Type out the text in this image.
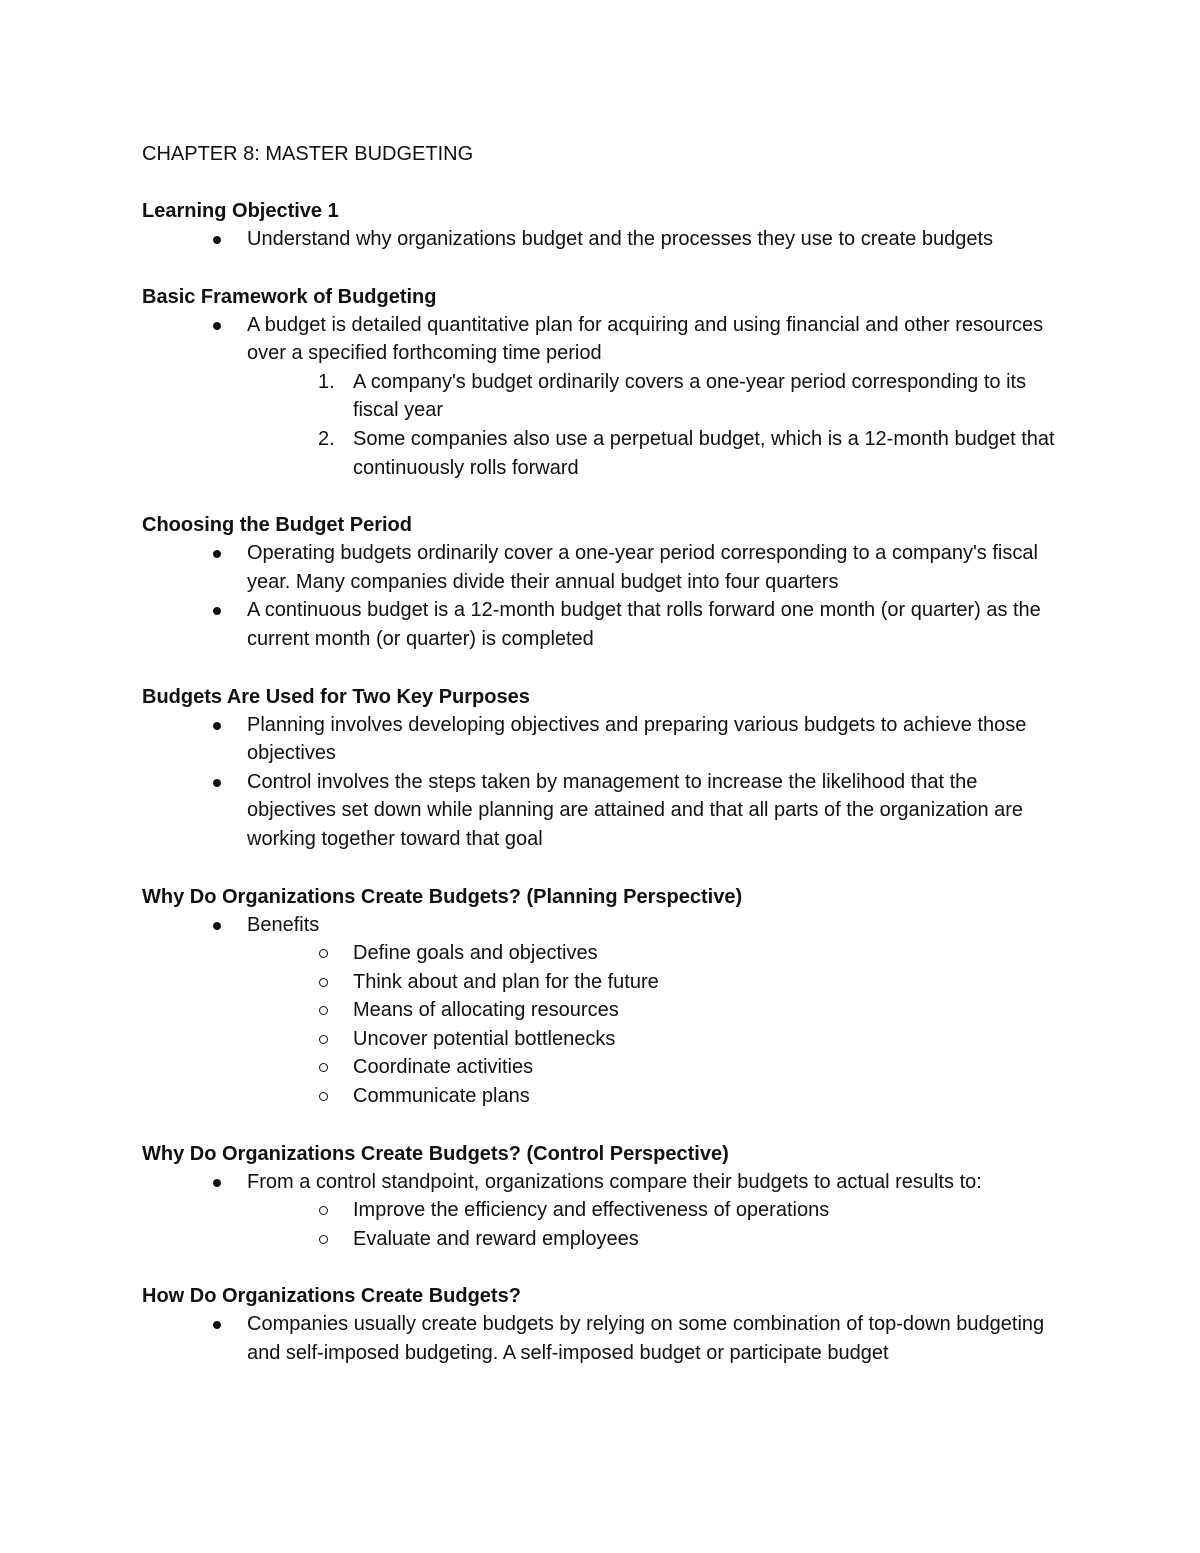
CHAPTER 8: MASTER BUDGETING
Learning Objective 1
Understand why organizations budget and the processes they use to create budgets
Basic Framework of Budgeting
A budget is detailed quantitative plan for acquiring and using financial and other resources over a specified forthcoming time period
1. A company's budget ordinarily covers a one-year period corresponding to its fiscal year
2. Some companies also use a perpetual budget, which is a 12-month budget that continuously rolls forward
Choosing the Budget Period
Operating budgets ordinarily cover a one-year period corresponding to a company's fiscal year. Many companies divide their annual budget into four quarters
A continuous budget is a 12-month budget that rolls forward one month (or quarter) as the current month (or quarter) is completed
Budgets Are Used for Two Key Purposes
Planning involves developing objectives and preparing various budgets to achieve those objectives
Control involves the steps taken by management to increase the likelihood that the objectives set down while planning are attained and that all parts of the organization are working together toward that goal
Why Do Organizations Create Budgets? (Planning Perspective)
Benefits
Define goals and objectives
Think about and plan for the future
Means of allocating resources
Uncover potential bottlenecks
Coordinate activities
Communicate plans
Why Do Organizations Create Budgets? (Control Perspective)
From a control standpoint, organizations compare their budgets to actual results to:
Improve the efficiency and effectiveness of operations
Evaluate and reward employees
How Do Organizations Create Budgets?
Companies usually create budgets by relying on some combination of top-down budgeting and self-imposed budgeting. A self-imposed budget or participate budget
